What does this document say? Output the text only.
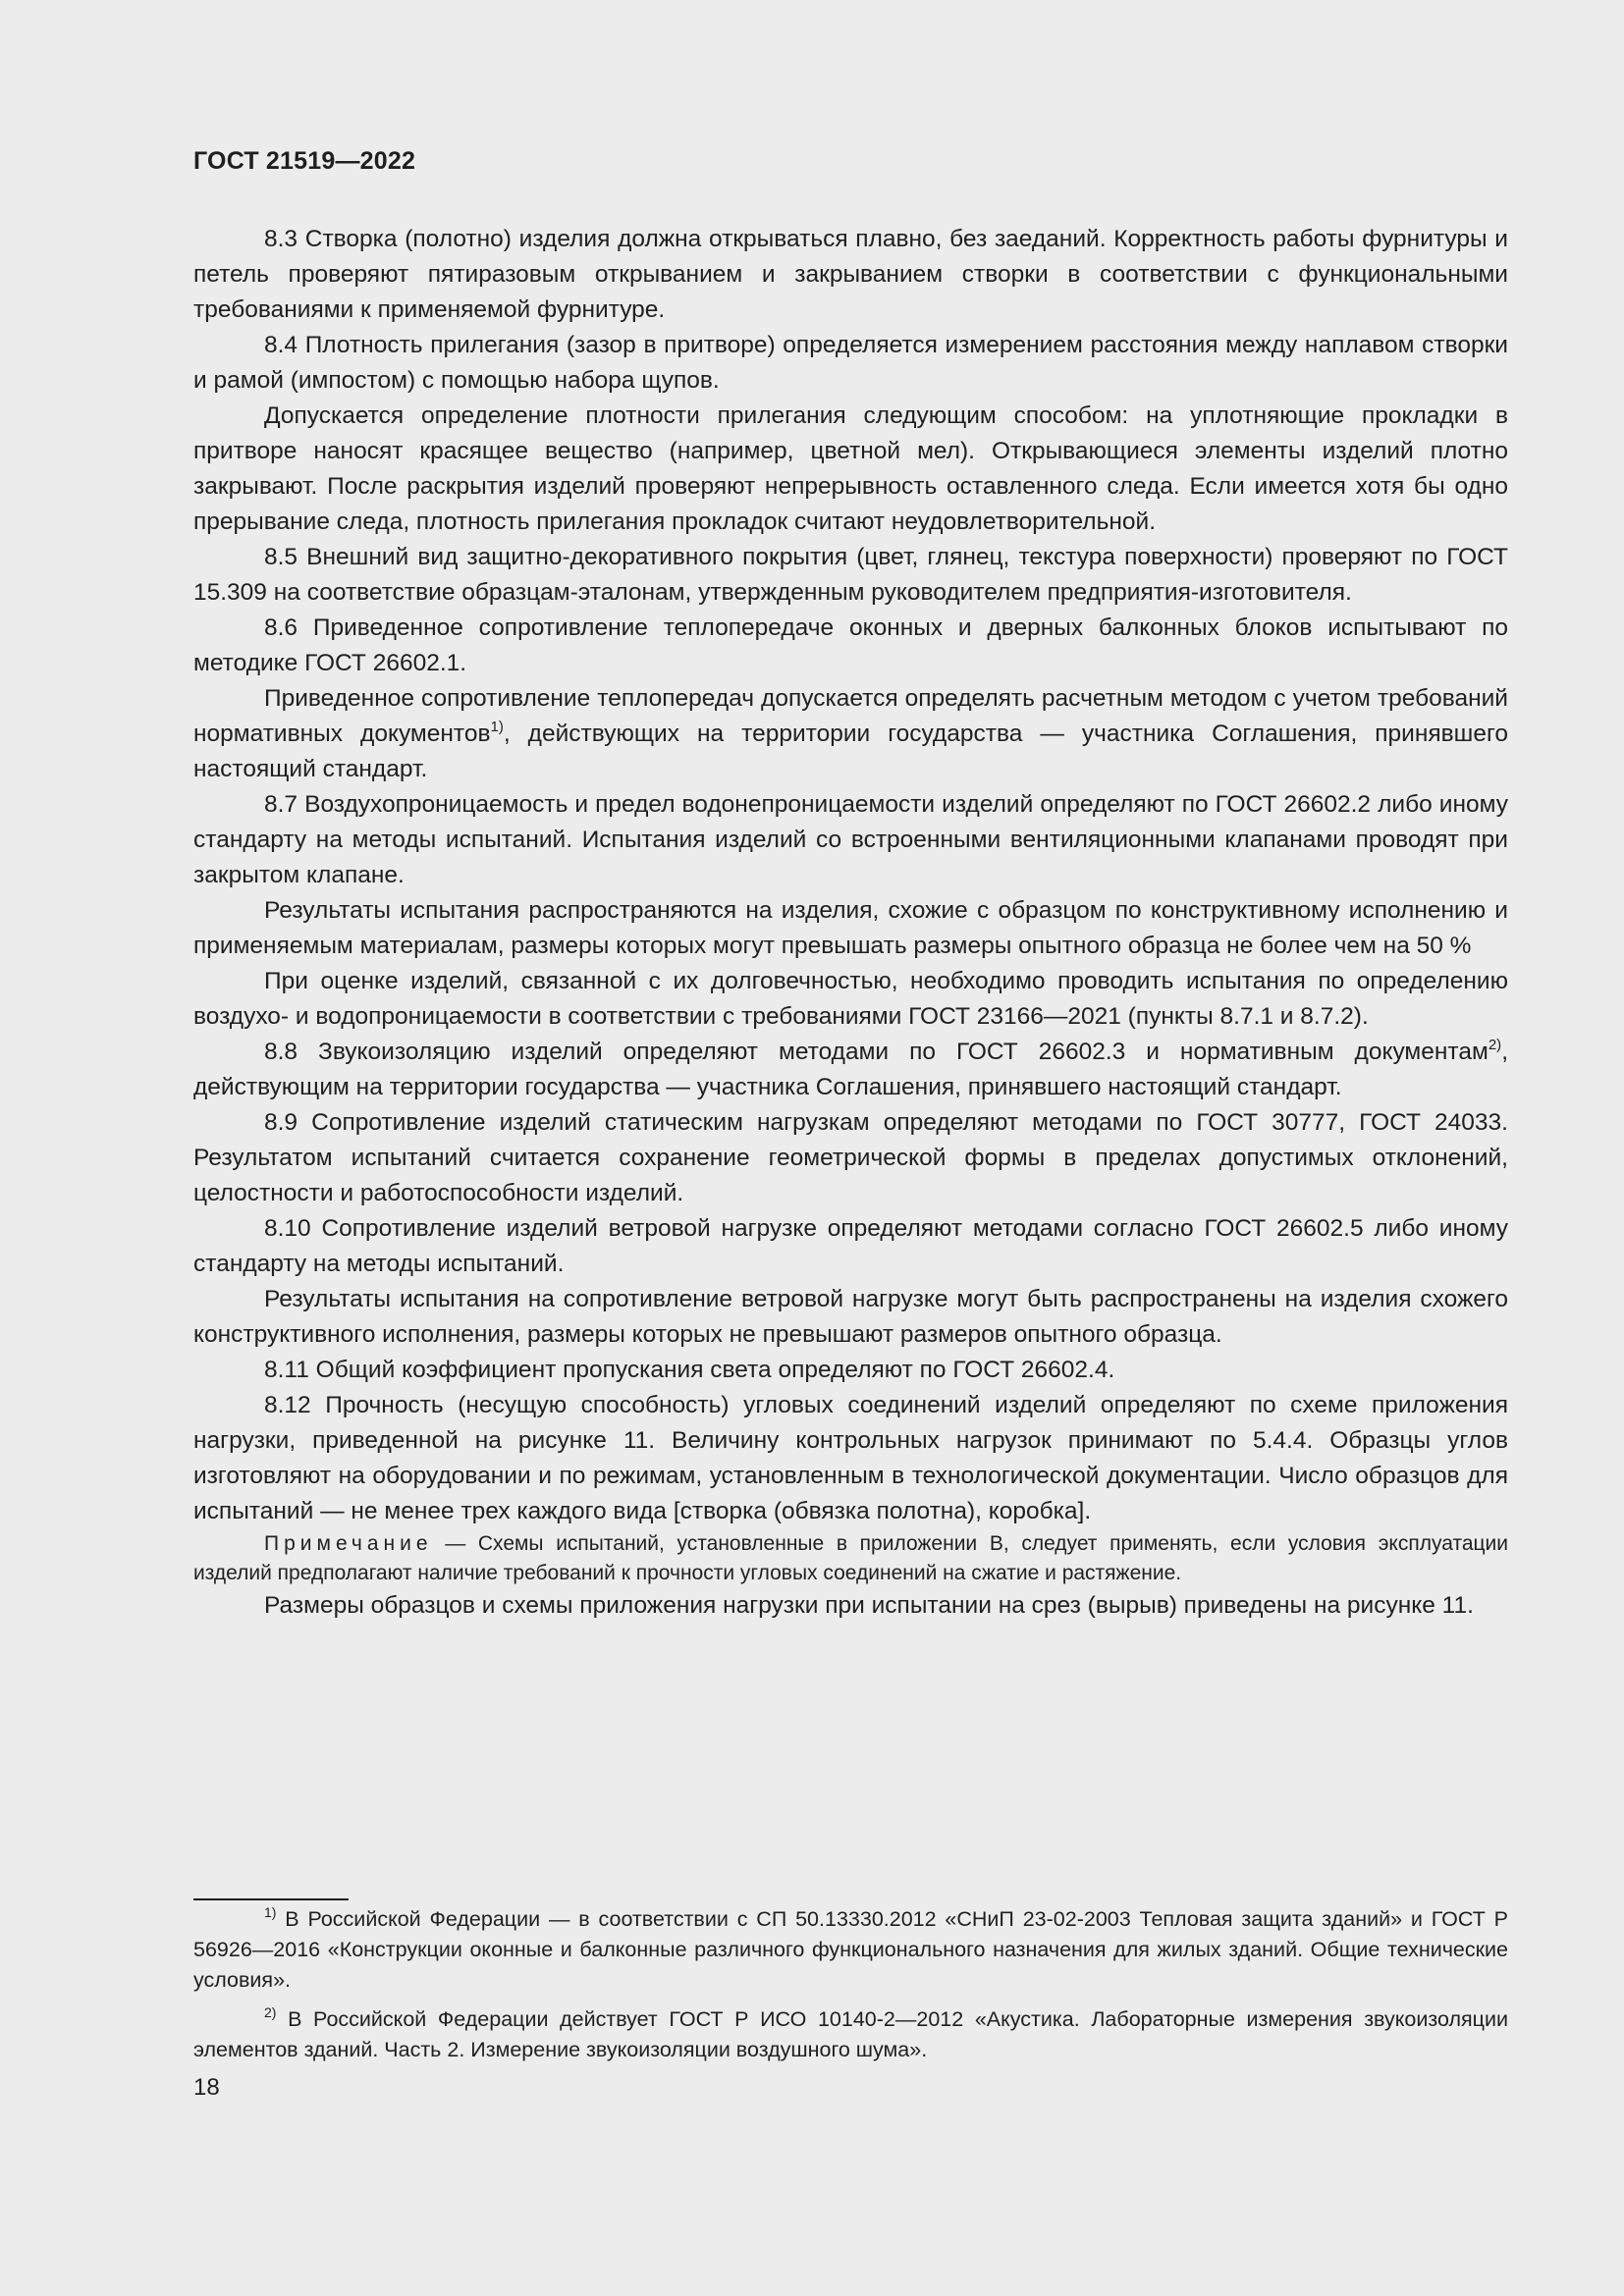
ГОСТ 21519—2022

8.3 Створка (полотно) изделия должна открываться плавно, без заеданий. Корректность работы фурнитуры и петель проверяют пятиразовым открыванием и закрыванием створки в соответствии с функциональными требованиями к применяемой фурнитуре.

8.4 Плотность прилегания (зазор в притворе) определяется измерением расстояния между наплавом створки и рамой (импостом) с помощью набора щупов.

Допускается определение плотности прилегания следующим способом: на уплотняющие прокладки в притворе наносят красящее вещество (например, цветной мел). Открывающиеся элементы изделий плотно закрывают. После раскрытия изделий проверяют непрерывность оставленного следа. Если имеется хотя бы одно прерывание следа, плотность прилегания прокладок считают неудовлетворительной.

8.5 Внешний вид защитно-декоративного покрытия (цвет, глянец, текстура поверхности) проверяют по ГОСТ 15.309 на соответствие образцам-эталонам, утвержденным руководителем предприятия-изготовителя.

8.6 Приведенное сопротивление теплопередаче оконных и дверных балконных блоков испытывают по методике ГОСТ 26602.1.

Приведенное сопротивление теплопередач допускается определять расчетным методом с учетом требований нормативных документов$^{1)}$, действующих на территории государства — участника Соглашения, принявшего настоящий стандарт.

8.7 Воздухопроницаемость и предел водонепроницаемости изделий определяют по ГОСТ 26602.2 либо иному стандарту на методы испытаний. Испытания изделий со встроенными вентиляционными клапанами проводят при закрытом клапане.

Результаты испытания распространяются на изделия, схожие с образцом по конструктивному исполнению и применяемым материалам, размеры которых могут превышать размеры опытного образца не более чем на 50 %

При оценке изделий, связанной с их долговечностью, необходимо проводить испытания по определению воздухо- и водопроницаемости в соответствии с требованиями ГОСТ 23166—2021 (пункты 8.7.1 и 8.7.2).

8.8 Звукоизоляцию изделий определяют методами по ГОСТ 26602.3 и нормативным документам$^{2)}$, действующим на территории государства — участника Соглашения, принявшего настоящий стандарт.

8.9 Сопротивление изделий статическим нагрузкам определяют методами по ГОСТ 30777, ГОСТ 24033. Результатом испытаний считается сохранение геометрической формы в пределах допустимых отклонений, целостности и работоспособности изделий.

8.10 Сопротивление изделий ветровой нагрузке определяют методами согласно ГОСТ 26602.5 либо иному стандарту на методы испытаний.

Результаты испытания на сопротивление ветровой нагрузке могут быть распространены на изделия схожего конструктивного исполнения, размеры которых не превышают размеров опытного образца.

8.11 Общий коэффициент пропускания света определяют по ГОСТ 26602.4.

8.12 Прочность (несущую способность) угловых соединений изделий определяют по схеме приложения нагрузки, приведенной на рисунке 11. Величину контрольных нагрузок принимают по 5.4.4. Образцы углов изготовляют на оборудовании и по режимам, установленным в технологической документации. Число образцов для испытаний — не менее трех каждого вида [створка (обвязка полотна), коробка].

Примечание — Схемы испытаний, установленные в приложении В, следует применять, если условия эксплуатации изделий предполагают наличие требований к прочности угловых соединений на сжатие и растяжение.

Размеры образцов и схемы приложения нагрузки при испытании на срез (вырыв) приведены на рисунке 11.

$^{1)}$ В Российской Федерации — в соответствии с СП 50.13330.2012 «СНиП 23-02-2003 Тепловая защита зданий» и ГОСТ Р 56926—2016 «Конструкции оконные и балконные различного функционального назначения для жилых зданий. Общие технические условия».

$^{2)}$ В Российской Федерации действует ГОСТ Р ИСО 10140-2—2012 «Акустика. Лабораторные измерения звукоизоляции элементов зданий. Часть 2. Измерение звукоизоляции воздушного шума».

18
